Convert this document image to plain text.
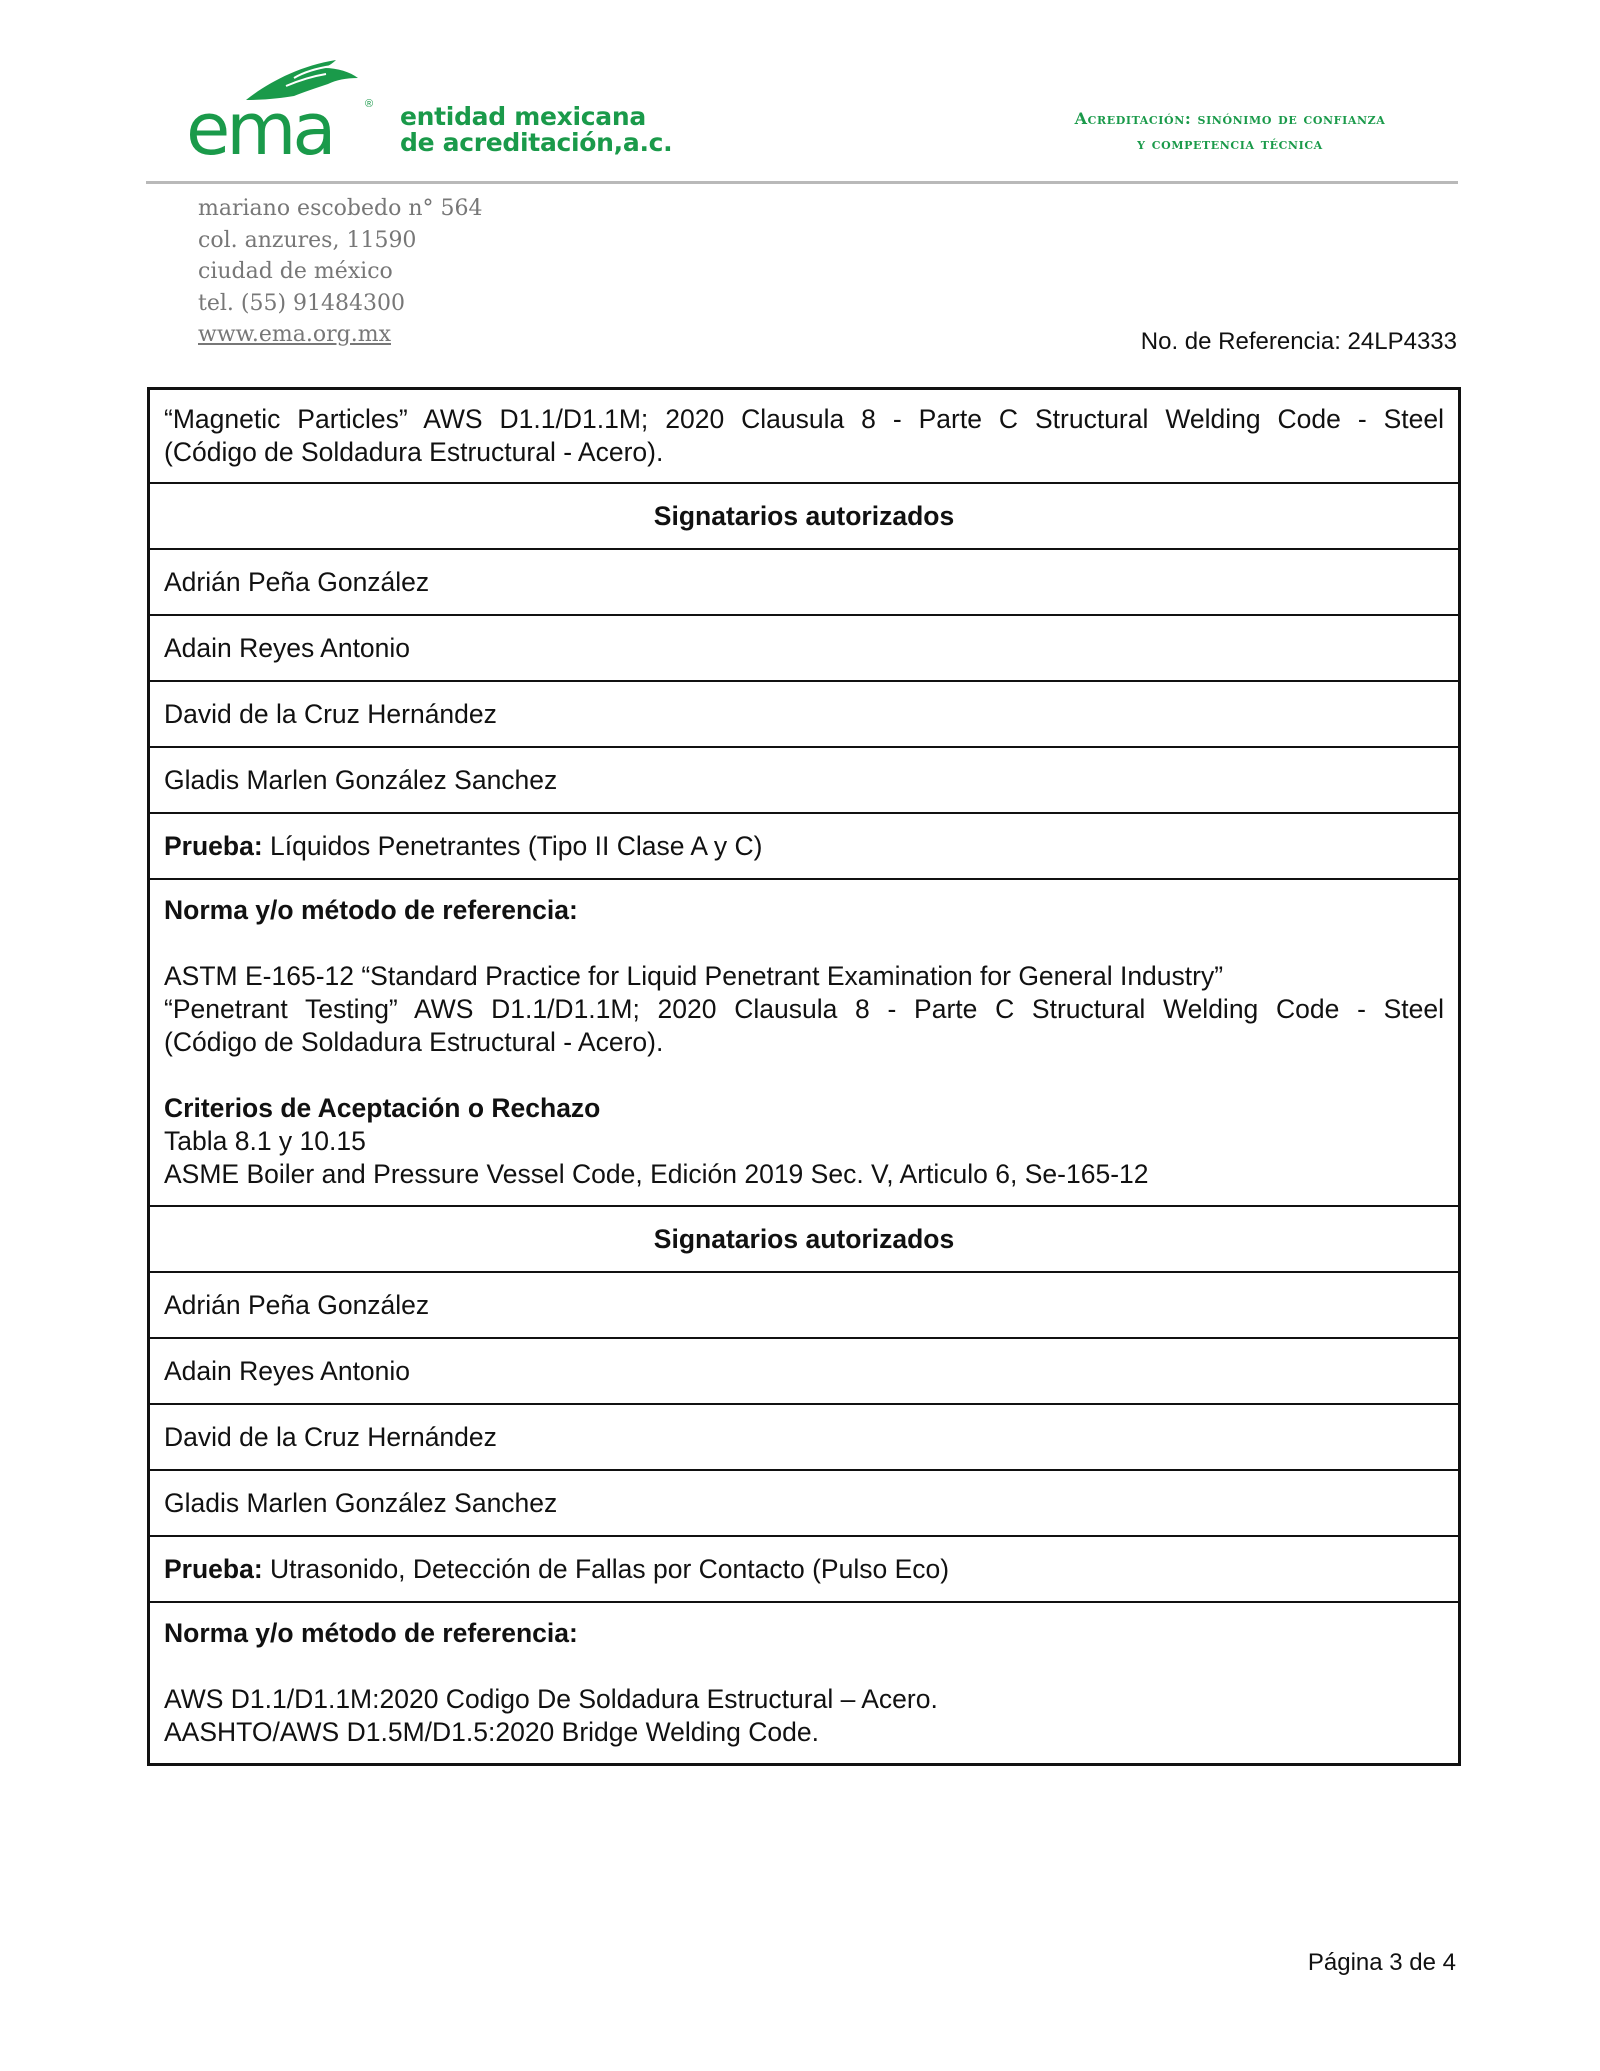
ema	® entidad mexicana
de acreditación,a.c.
Acreditación: sinónimo de confianza
y competencia técnica
mariano escobedo n° 564
col. anzures, 11590
ciudad de méxico
tel. (55) 91484300
www.ema.org.mx	No. de Referencia: 24LP4333
“Magnetic Particles” AWS D1.1/D1.1M; 2020 Clausula 8 - Parte C Structural Welding Code - Steel
(Código de Soldadura Estructural - Acero).
Signatarios autorizados
Adrián Peña González
Adain Reyes Antonio
David de la Cruz Hernández
Gladis Marlen González Sanchez
Prueba: Líquidos Penetrantes (Tipo II Clase A y C)
Norma y/o método de referencia:
ASTM E-165-12 “Standard Practice for Liquid Penetrant Examination for General Industry”
“Penetrant Testing” AWS D1.1/D1.1M; 2020 Clausula 8 - Parte C Structural Welding Code - Steel
(Código de Soldadura Estructural - Acero).
Criterios de Aceptación o Rechazo
Tabla 8.1 y 10.15
ASME Boiler and Pressure Vessel Code, Edición 2019 Sec. V, Articulo 6, Se-165-12
Signatarios autorizados
Adrián Peña González
Adain Reyes Antonio
David de la Cruz Hernández
Gladis Marlen González Sanchez
Prueba: Utrasonido, Detección de Fallas por Contacto (Pulso Eco)
Norma y/o método de referencia:
AWS D1.1/D1.1M:2020 Codigo De Soldadura Estructural – Acero.
AASHTO/AWS D1.5M/D1.5:2020 Bridge Welding Code.
Página 3 de 4
